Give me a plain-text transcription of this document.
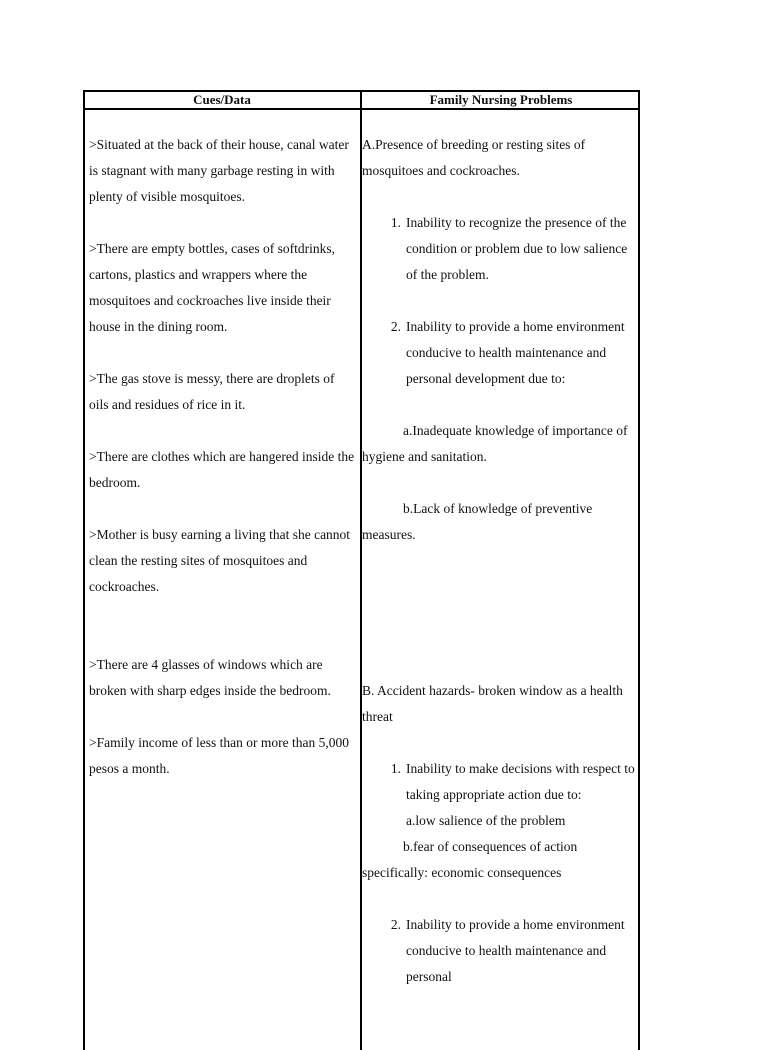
Cues/Data	Family Nursing Problems

>Situated at the back of their house, canal water is stagnant with many garbage resting in with plenty of visible mosquitoes.

>There are empty bottles, cases of softdrinks, cartons, plastics and wrappers where the mosquitoes and cockroaches live inside their house in the dining room.

>The gas stove is messy, there are droplets of oils and residues of rice in it.

>There are clothes which are hangered inside the bedroom.

>Mother is busy earning a living that she cannot clean the resting sites of mosquitoes and cockroaches.

>There are 4 glasses of windows which are broken with sharp edges inside the bedroom.

>Family income of less than or more than 5,000 pesos a month.

A.Presence of breeding or resting sites of mosquitoes and cockroaches.

1. Inability to recognize the presence of the condition or problem due to low salience of the problem.
2. Inability to provide a home environment conducive to health maintenance and personal development due to:

a.Inadequate knowledge of importance of hygiene and sanitation.

b.Lack of knowledge of preventive measures.

B. Accident hazards- broken window as a health threat

1. Inability to make decisions with respect to taking appropriate action due to:

a.low salience of the problem

b.fear of consequences of action specifically: economic consequences

2. Inability to provide a home environment conducive to health maintenance and personal
